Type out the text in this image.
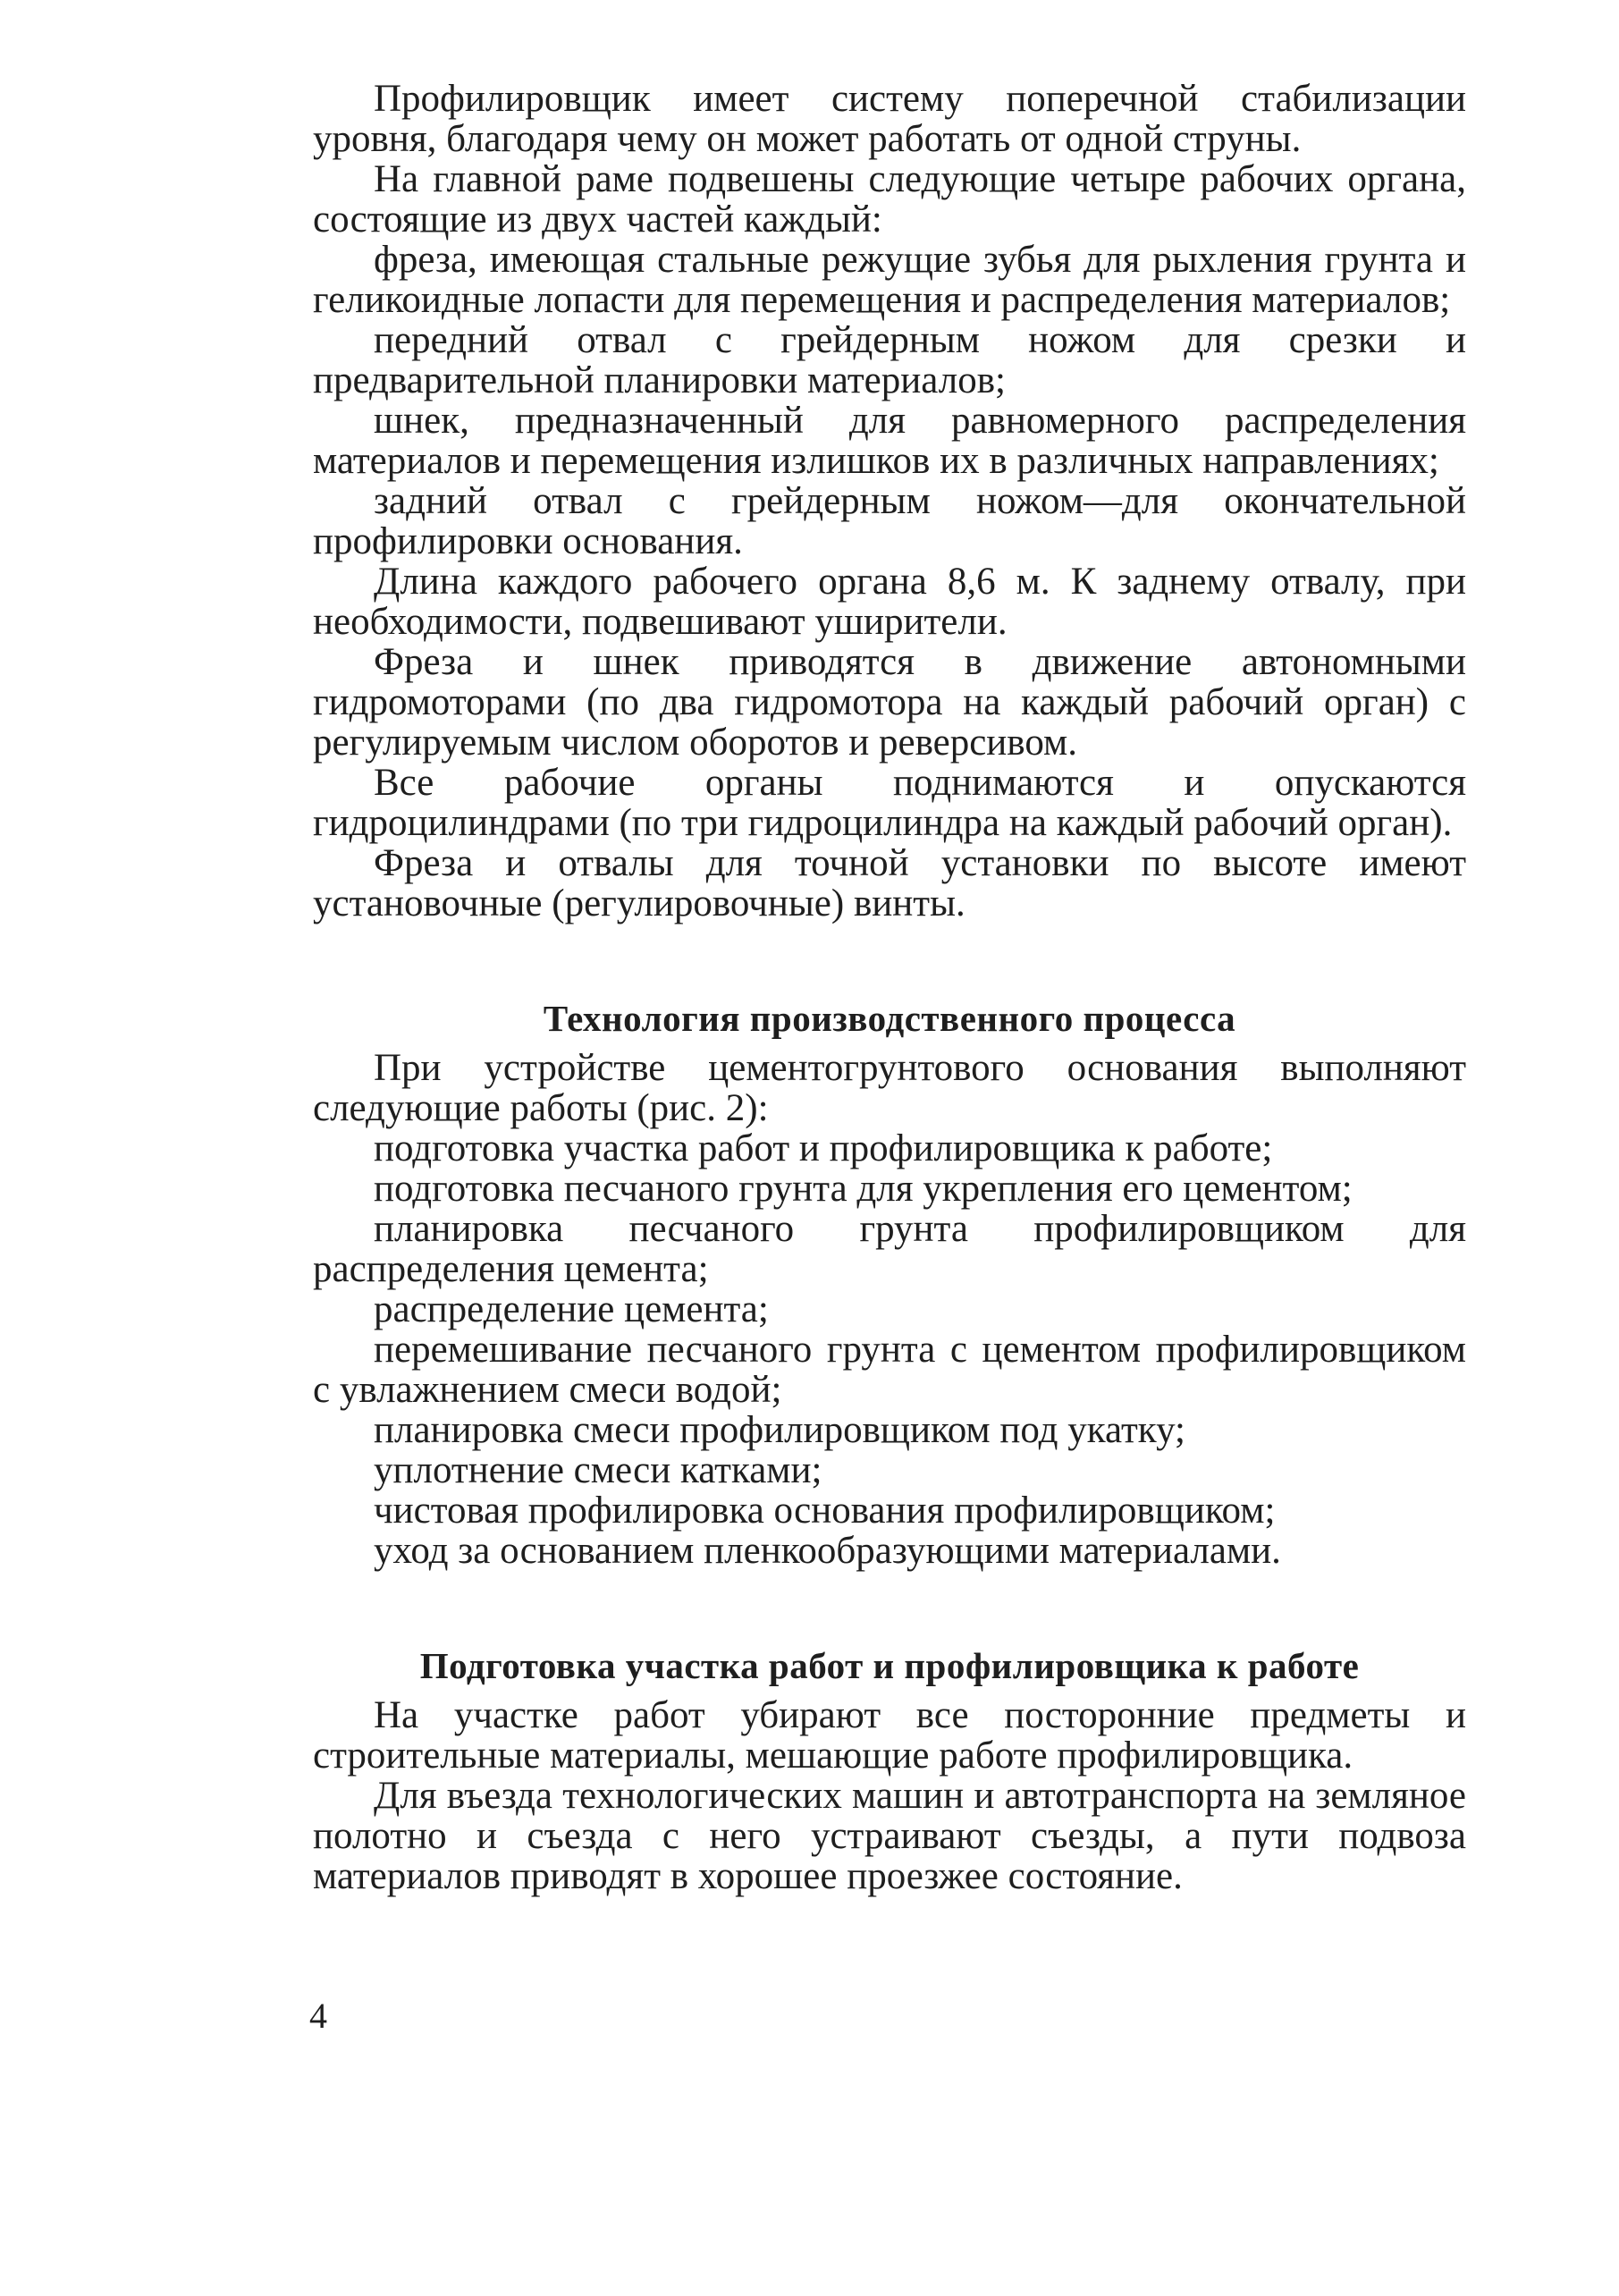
Профилировщик имеет систему поперечной стабилизации уровня, благодаря чему он может работать от одной струны.

На главной раме подвешены следующие четыре рабочих органа, состоящие из двух частей каждый:

фреза, имеющая стальные режущие зубья для рыхления грунта и геликоидные лопасти для перемещения и распределения материалов;

передний отвал с грейдерным ножом для срезки и предварительной планировки материалов;

шнек, предназначенный для равномерного распределения материалов и перемещения излишков их в различных направлениях;

задний отвал с грейдерным ножом—для окончательной профилировки основания.

Длина каждого рабочего органа 8,6 м. К заднему отвалу, при необходимости, подвешивают уширители.

Фреза и шнек приводятся в движение автономными гидромоторами (по два гидромотора на каждый рабочий орган) с регулируемым числом оборотов и реверсивом.

Все рабочие органы поднимаются и опускаются гидроцилиндрами (по три гидроцилиндра на каждый рабочий орган).

Фреза и отвалы для точной установки по высоте имеют установочные (регулировочные) винты.

Технология производственного процесса

При устройстве цементогрунтового основания выполняют следующие работы (рис. 2):

подготовка участка работ и профилировщика к работе;

подготовка песчаного грунта для укрепления его цементом;

планировка песчаного грунта профилировщиком для распределения цемента;

распределение цемента;

перемешивание песчаного грунта с цементом профилировщиком с увлажнением смеси водой;

планировка смеси профилировщиком под укатку;

уплотнение смеси катками;

чистовая профилировка основания профилировщиком;

уход за основанием пленкообразующими материалами.

Подготовка участка работ и профилировщика к работе

На участке работ убирают все посторонние предметы и строительные материалы, мешающие работе профилировщика.

Для въезда технологических машин и автотранспорта на земляное полотно и съезда с него устраивают съезды, а пути подвоза материалов приводят в хорошее проезжее состояние.

4
